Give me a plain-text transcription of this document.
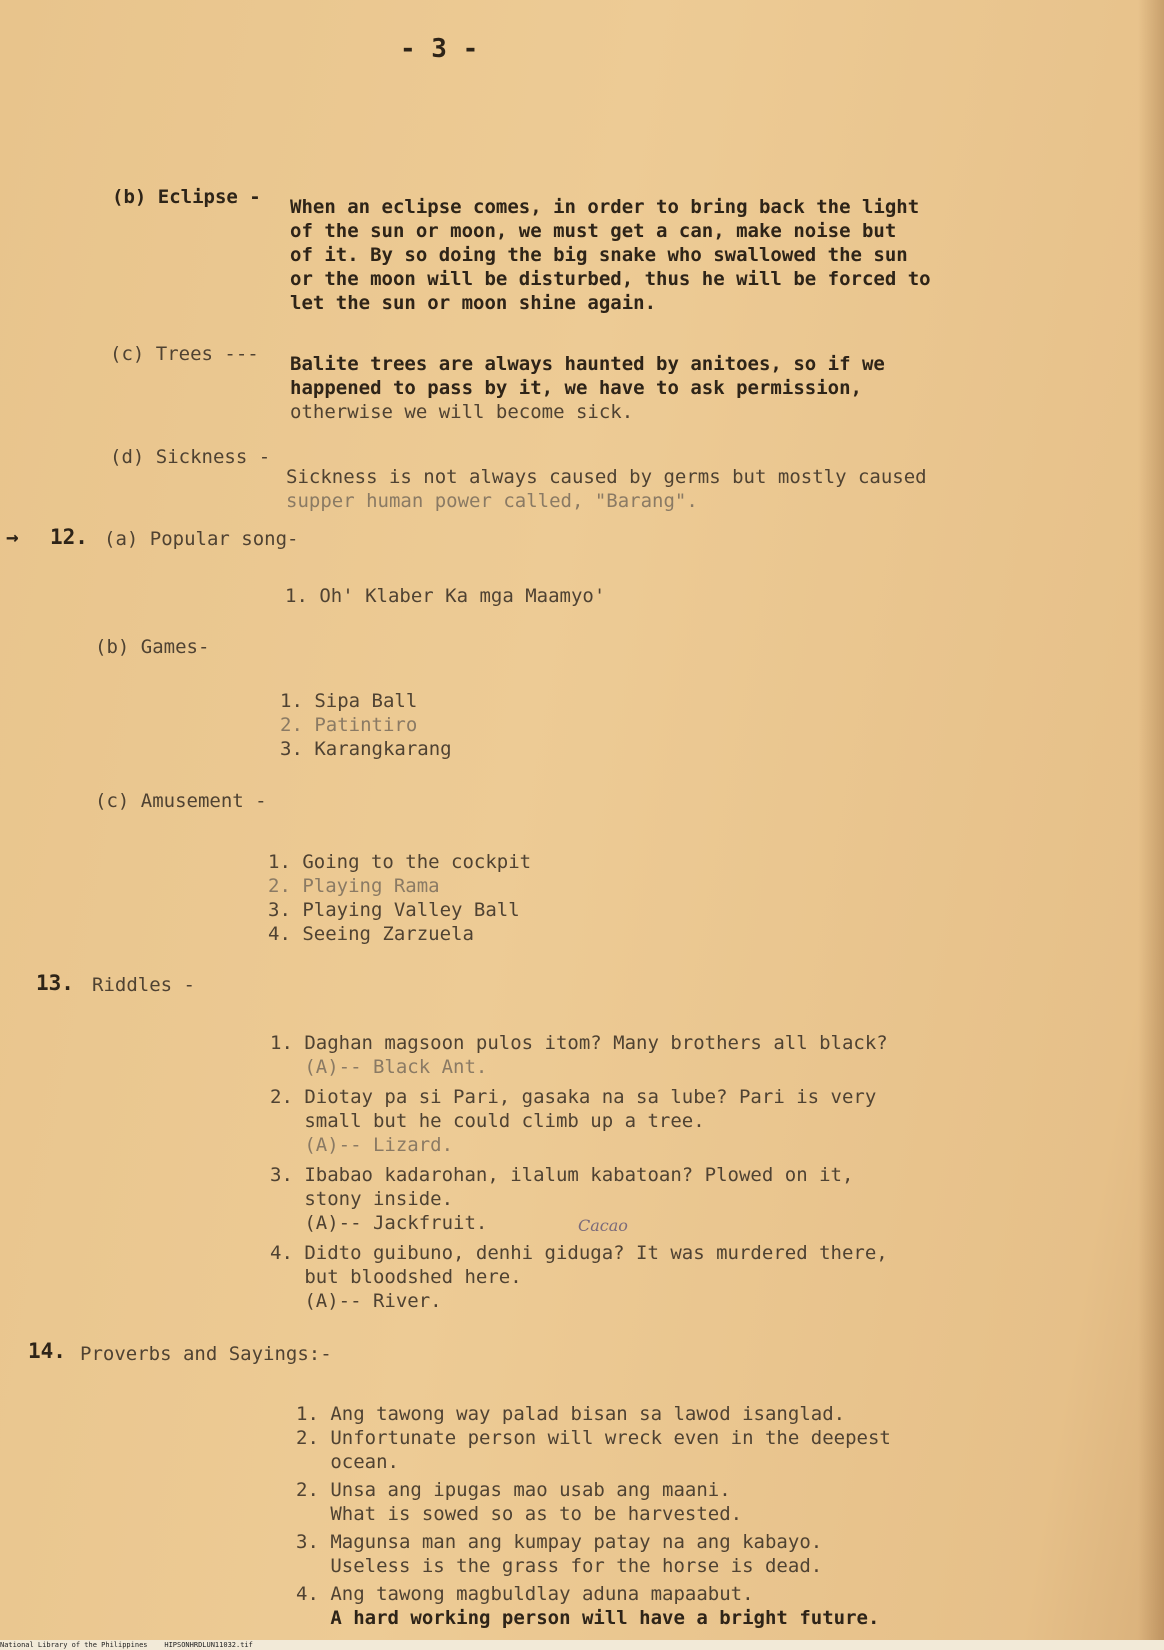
- 3 -
(b) Eclipse - When an eclipse comes, in order to bring back the light
of the sun or moon, we must get a can, make noise but
of it. By so doing the big snake who swallowed the sun
or the moon will be disturbed, thus he will be forced to
let the sun or moon shine again.
(c) Trees --- Balite trees are always haunted by anitoes, so if we
happened to pass by it, we have to ask permission,
otherwise we will become sick.
(d) Sickness -
Sickness is not always caused by germs but mostly caused
supper human power called, "Barang".
→ 12. (a) Popular song-
1. Oh' Klaber Ka mga Maamyo'
(b) Games-
1. Sipa Ball
2. Patintiro
3. Karangkarang
(c) Amusement -
1. Going to the cockpit
2. Playing Rama
3. Playing Valley Ball
4. Seeing Zarzuela
13. Riddles -
1. Daghan magsoon pulos itom? Many brothers all black?
(A)-- Black Ant.
2. Diotay pa si Pari, gasaka na sa lube? Pari is very
small but he could climb up a tree.
(A)-- Lizard.
3. Ibabao kadarohan, ilalum kabatoan? Plowed on it,
stony inside.
(A)-- Jackfruit.	Cacao
4. Didto guibuno, denhi giduga? It was murdered there,
but bloodshed here.
(A)-- River.
14. Proverbs and Sayings:-
1. Ang tawong way palad bisan sa lawod isanglad.
2. Unfortunate person will wreck even in the deepest
ocean.
2. Unsa ang ipugas mao usab ang maani.
What is sowed so as to be harvested.
3. Magunsa man ang kumpay patay na ang kabayo.
Useless is the grass for the horse is dead.
4. Ang tawong magbuldlay aduna mapaabut.
A hard working person will have a bright future.
National Library of the Philippines    HIPSONHRDLUN11032.tif
